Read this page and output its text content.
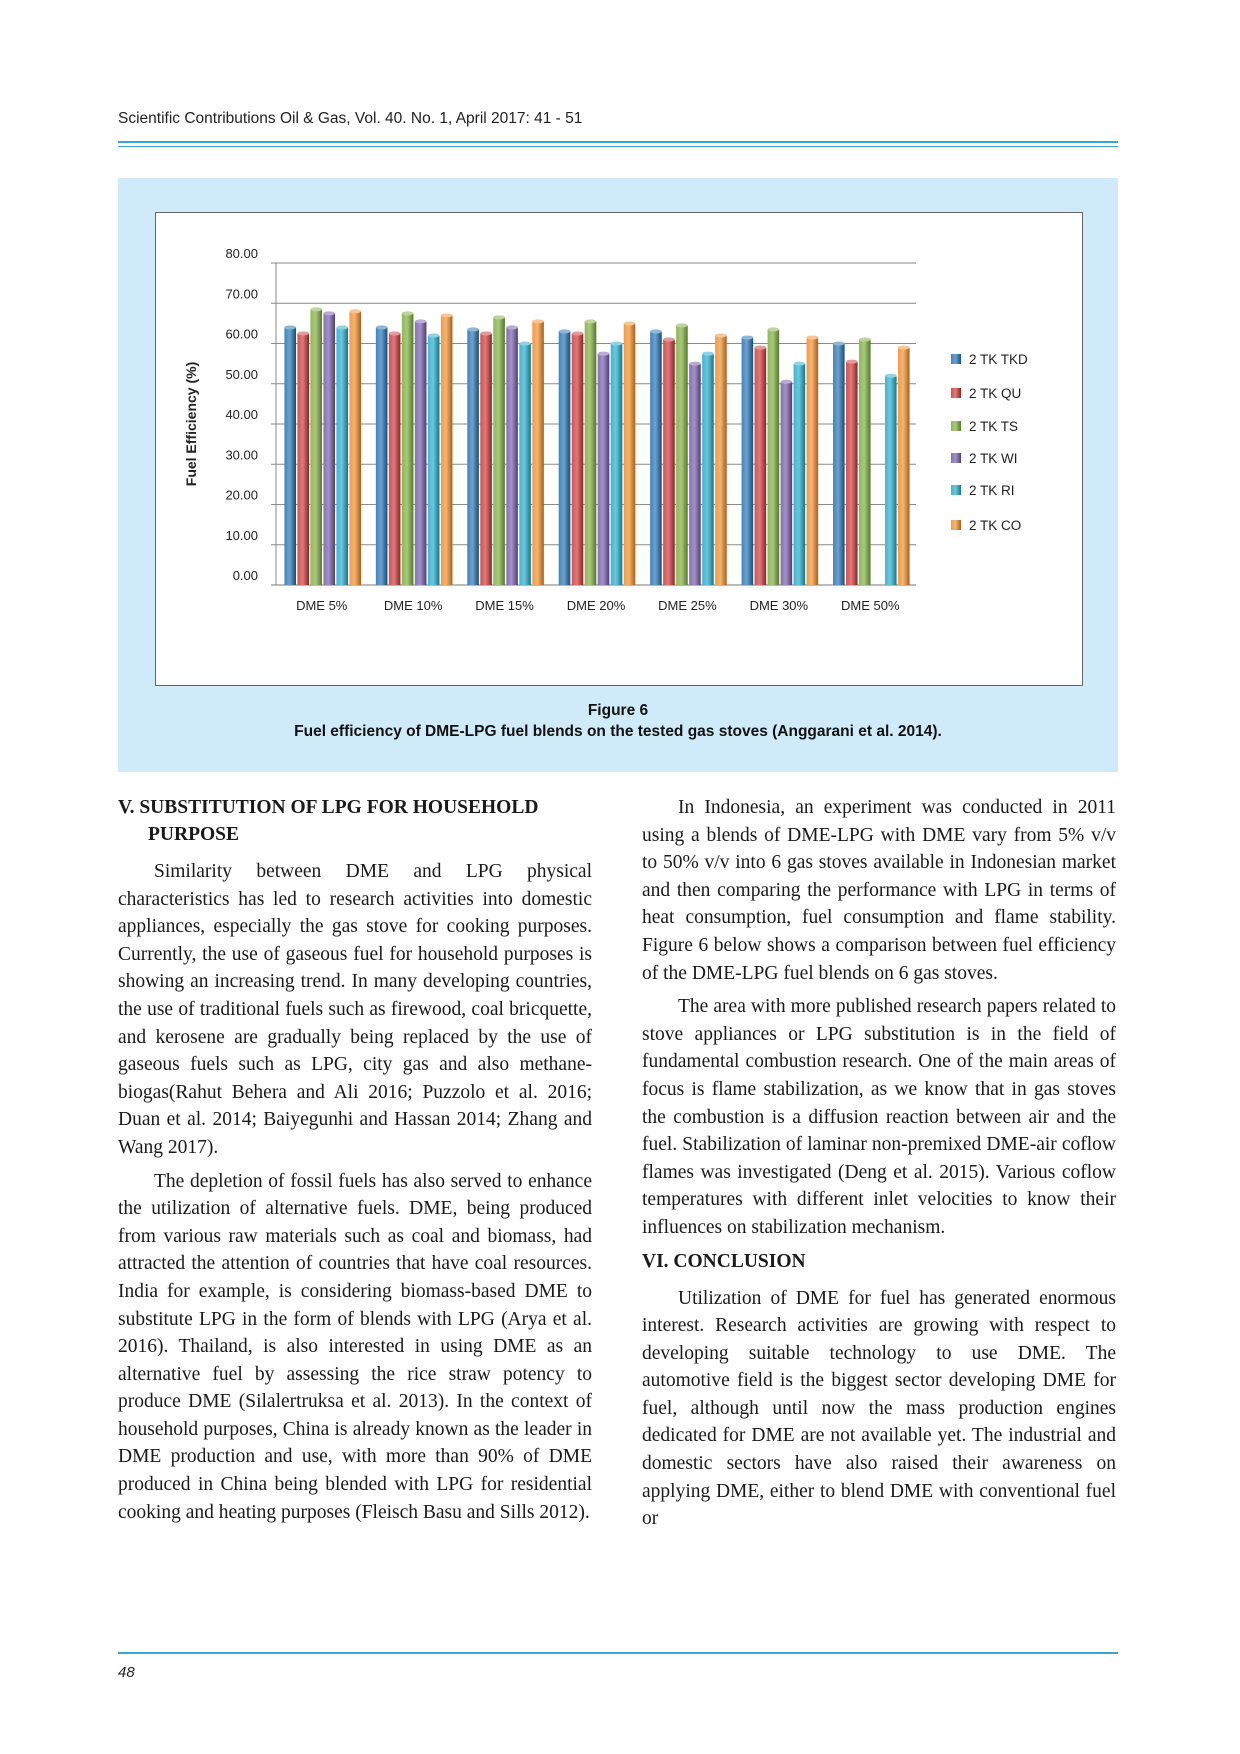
Scientific Contributions Oil & Gas, Vol. 40. No. 1, April 2017: 41 - 51
0.00
10.00
20.00
30.00
40.00
50.00
60.00
70.00
80.00
Fuel Efficiency (%)
DME 5%	DME 10%	DME 15%	DME 20%	DME 25%	DME 30%	DME 50%
2 TK TKD
2 TK QU
2 TK TS
2 TK WI
2 TK RI
2 TK CO
Figure 6
Fuel efficiency of DME-LPG fuel blends on the tested gas stoves (Anggarani et al. 2014).
V. SUBSTITUTION OF LPG FOR HOUSEHOLD PURPOSE

Similarity between DME and LPG physical characteristics has led to research activities into domestic appliances, especially the gas stove for cooking purposes. Currently, the use of gaseous fuel for household purposes is showing an increasing trend. In many developing countries, the use of traditional fuels such as firewood, coal bricquette, and kerosene are gradually being replaced by the use of gaseous fuels such as LPG, city gas and also methane-biogas(Rahut Behera and Ali 2016; Puzzolo et al. 2016; Duan et al. 2014; Baiyegunhi and Hassan 2014; Zhang and Wang 2017).

The depletion of fossil fuels has also served to enhance the utilization of alternative fuels. DME, being produced from various raw materials such as coal and biomass, had attracted the attention of countries that have coal resources. India for example, is considering biomass-based DME to substitute LPG in the form of blends with LPG (Arya et al. 2016). Thailand, is also interested in using DME as an alternative fuel by assessing the rice straw potency to produce DME (Silalertruksa et al. 2013). In the context of household purposes, China is already known as the leader in DME production and use, with more than 90% of DME produced in China being blended with LPG for residential cooking and heating purposes (Fleisch Basu and Sills 2012).

In Indonesia, an experiment was conducted in 2011 using a blends of DME-LPG with DME vary from 5% v/v to 50% v/v into 6 gas stoves available in Indonesian market and then comparing the performance with LPG in terms of heat consumption, fuel consumption and flame stability. Figure 6 below shows a comparison between fuel efficiency of the DME-LPG fuel blends on 6 gas stoves.

The area with more published research papers related to stove appliances or LPG substitution is in the field of fundamental combustion research. One of the main areas of focus is flame stabilization, as we know that in gas stoves the combustion is a diffusion reaction between air and the fuel. Stabilization of laminar non-premixed DME-air coflow flames was investigated (Deng et al. 2015). Various coflow temperatures with different inlet velocities to know their influences on stabilization mechanism.

VI. CONCLUSION

Utilization of DME for fuel has generated enormous interest. Research activities are growing with respect to developing suitable technology to use DME. The automotive field is the biggest sector developing DME for fuel, although until now the mass production engines dedicated for DME are not available yet. The industrial and domestic sectors have also raised their awareness on applying DME, either to blend DME with conventional fuel or

48
